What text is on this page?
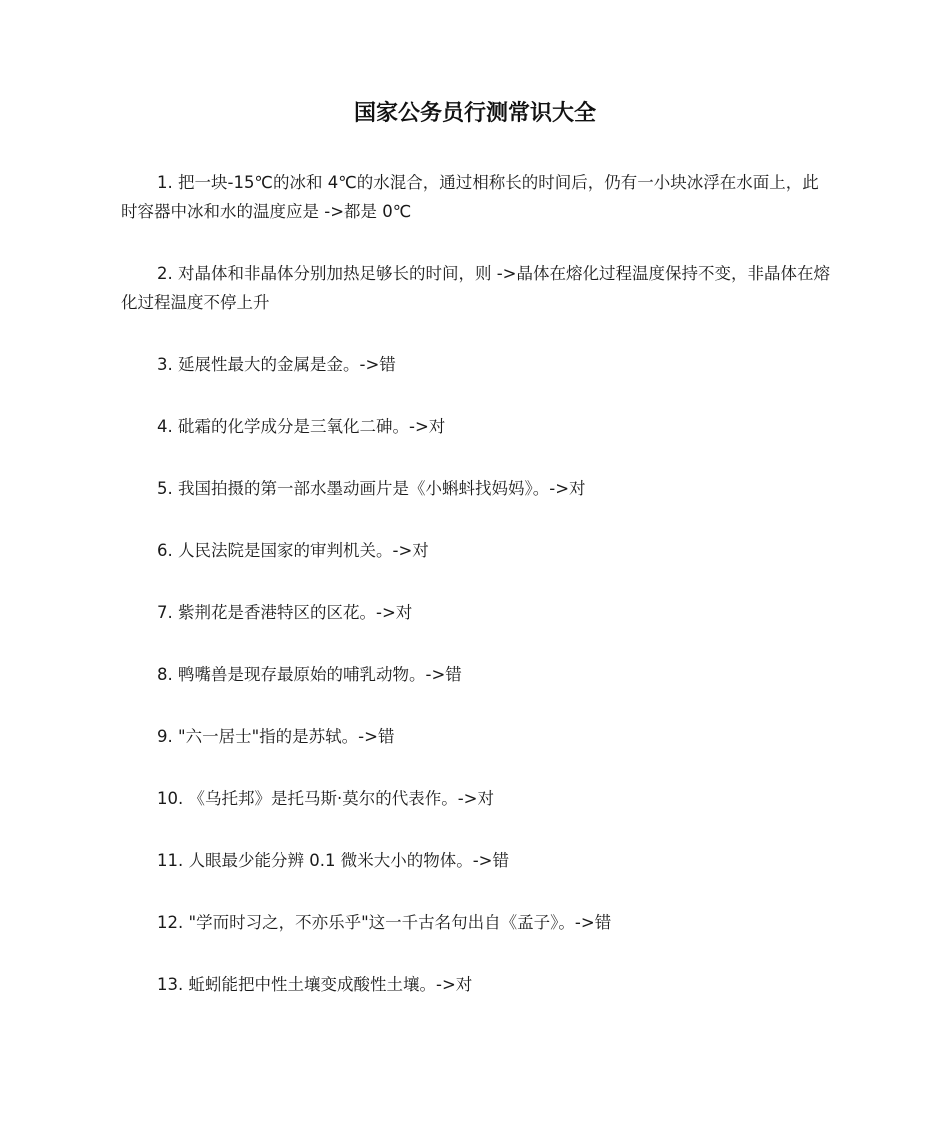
国家公务员行测常识大全
1. 把一块-15℃的冰和 4℃的水混合，通过相称长的时间后，仍有一小块冰浮在水面上，此时容器中冰和水的温度应是 ->都是 0℃
2. 对晶体和非晶体分别加热足够长的时间，则 ->晶体在熔化过程温度保持不变，非晶体在熔化过程温度不停上升
3. 延展性最大的金属是金。->错
4. 砒霜的化学成分是三氧化二砷。->对
5. 我国拍摄的第一部水墨动画片是《小蝌蚪找妈妈》。->对
6. 人民法院是国家的审判机关。->对
7. 紫荆花是香港特区的区花。->对
8. 鸭嘴兽是现存最原始的哺乳动物。->错
9. "六一居士"指的是苏轼。->错
10. 《乌托邦》是托马斯·莫尔的代表作。->对
11. 人眼最少能分辨 0.1 微米大小的物体。->错
12. "学而时习之，不亦乐乎"这一千古名句出自《孟子》。->错
13. 蚯蚓能把中性土壤变成酸性土壤。->对
